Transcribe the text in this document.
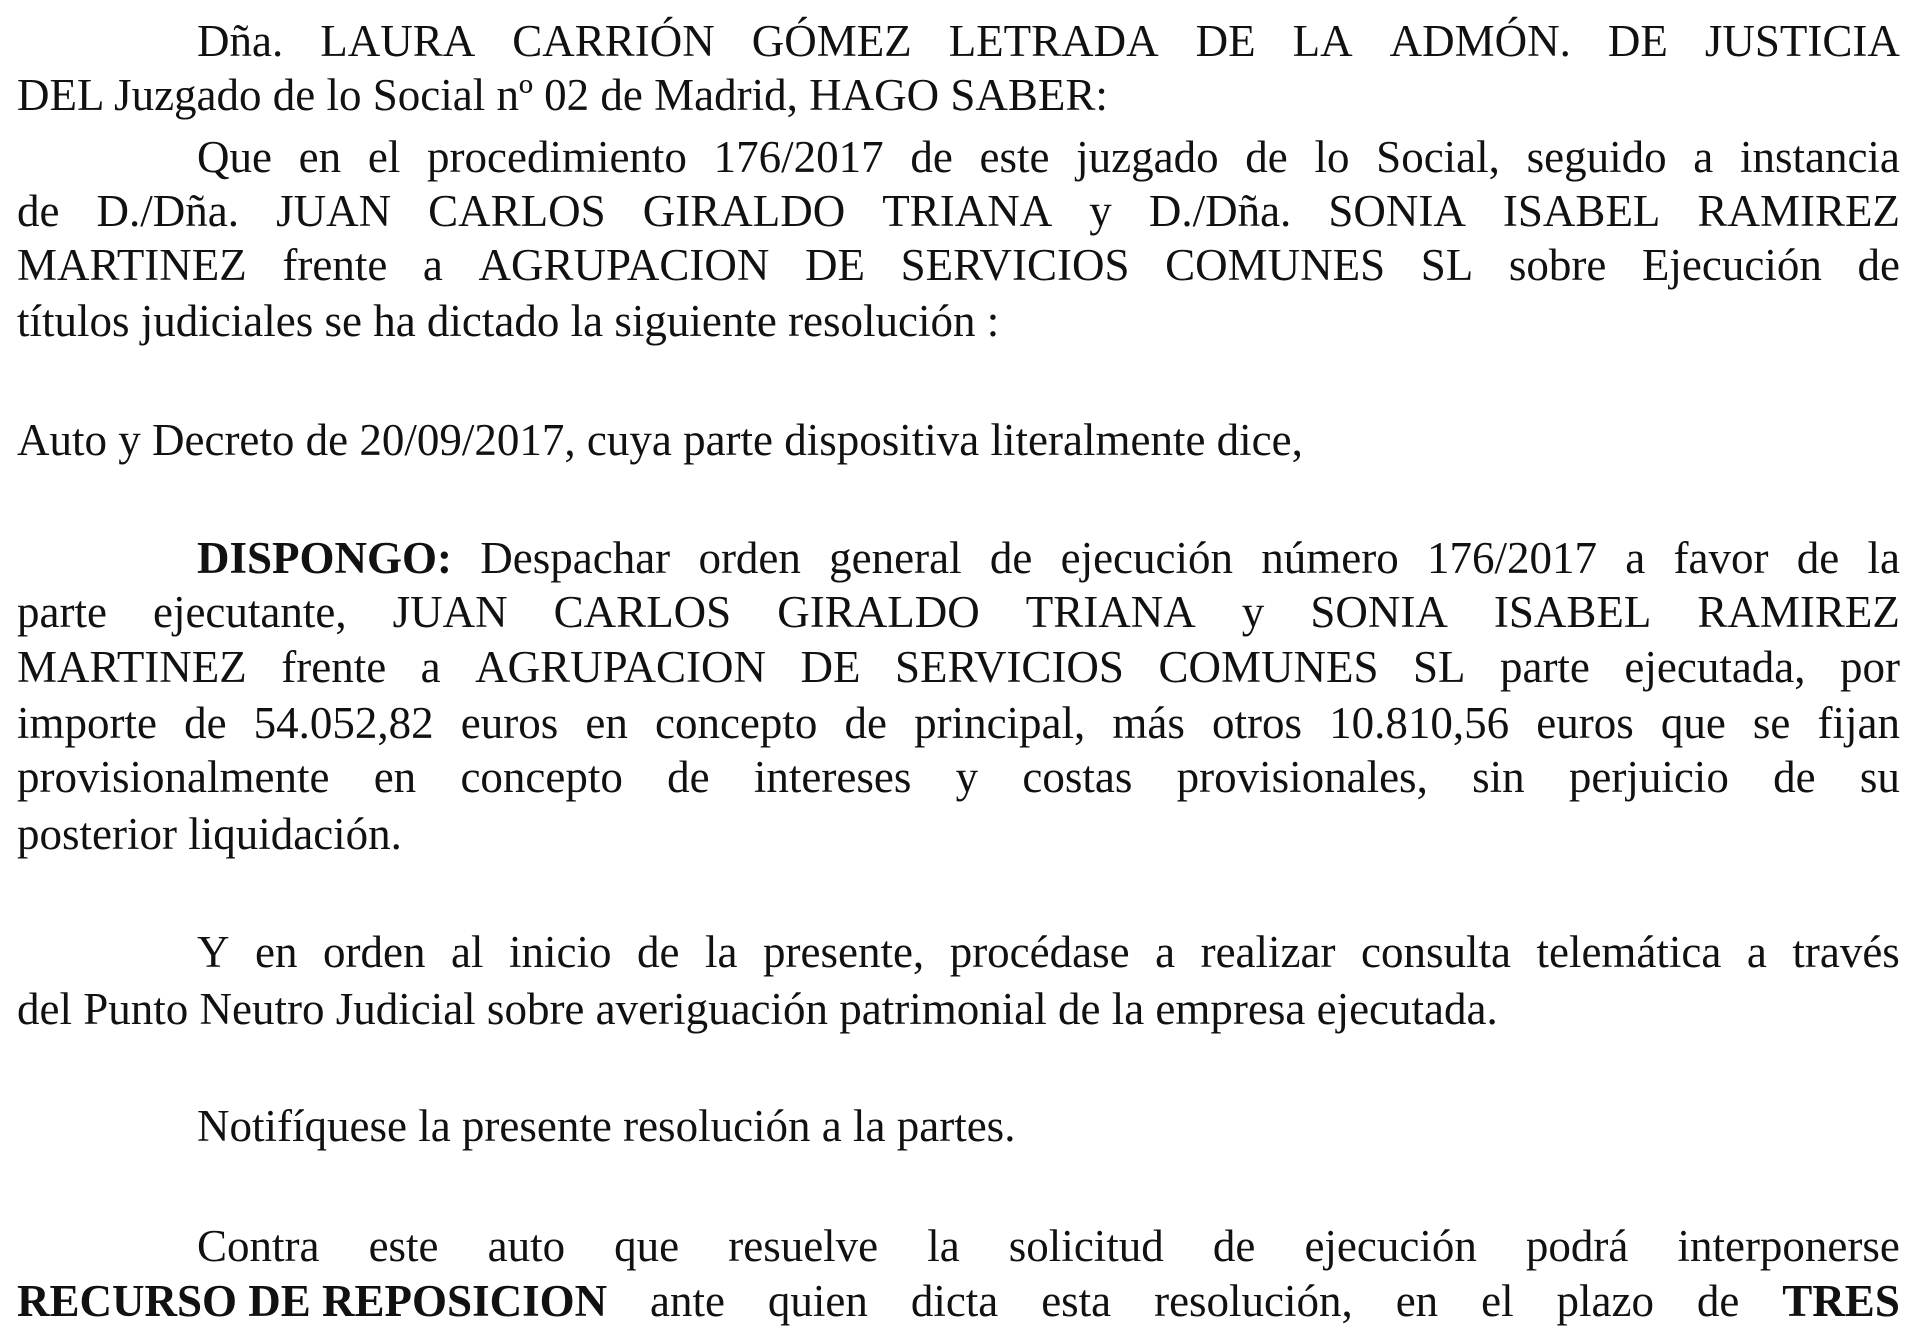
Dña. LAURA CARRIÓN GÓMEZ LETRADA DE LA ADMÓN. DE JUSTICIA
DEL Juzgado de lo Social nº 02 de Madrid, HAGO SABER:
Que en el procedimiento 176/2017 de este juzgado de lo Social, seguido a instancia
de D./Dña. JUAN CARLOS GIRALDO TRIANA y D./Dña. SONIA ISABEL RAMIREZ
MARTINEZ frente a AGRUPACION DE SERVICIOS COMUNES SL sobre Ejecución de
títulos judiciales se ha dictado la siguiente resolución :
Auto y Decreto de 20/09/2017, cuya parte dispositiva literalmente dice,
DISPONGO: Despachar orden general de ejecución número 176/2017 a favor de la
parte ejecutante, JUAN CARLOS GIRALDO TRIANA y SONIA ISABEL RAMIREZ
MARTINEZ frente a AGRUPACION DE SERVICIOS COMUNES SL parte ejecutada, por
importe de 54.052,82 euros en concepto de principal, más otros 10.810,56 euros que se fijan
provisionalmente en concepto de intereses y costas provisionales, sin perjuicio de su
posterior liquidación.
Y en orden al inicio de la presente, procédase a realizar consulta telemática a través
del Punto Neutro Judicial sobre averiguación patrimonial de la empresa ejecutada.
Notifíquese la presente resolución a la partes.
Contra este auto que resuelve la solicitud de ejecución podrá interponerse
RECURSO DE REPOSICION ante quien dicta esta resolución, en el plazo de TRES
